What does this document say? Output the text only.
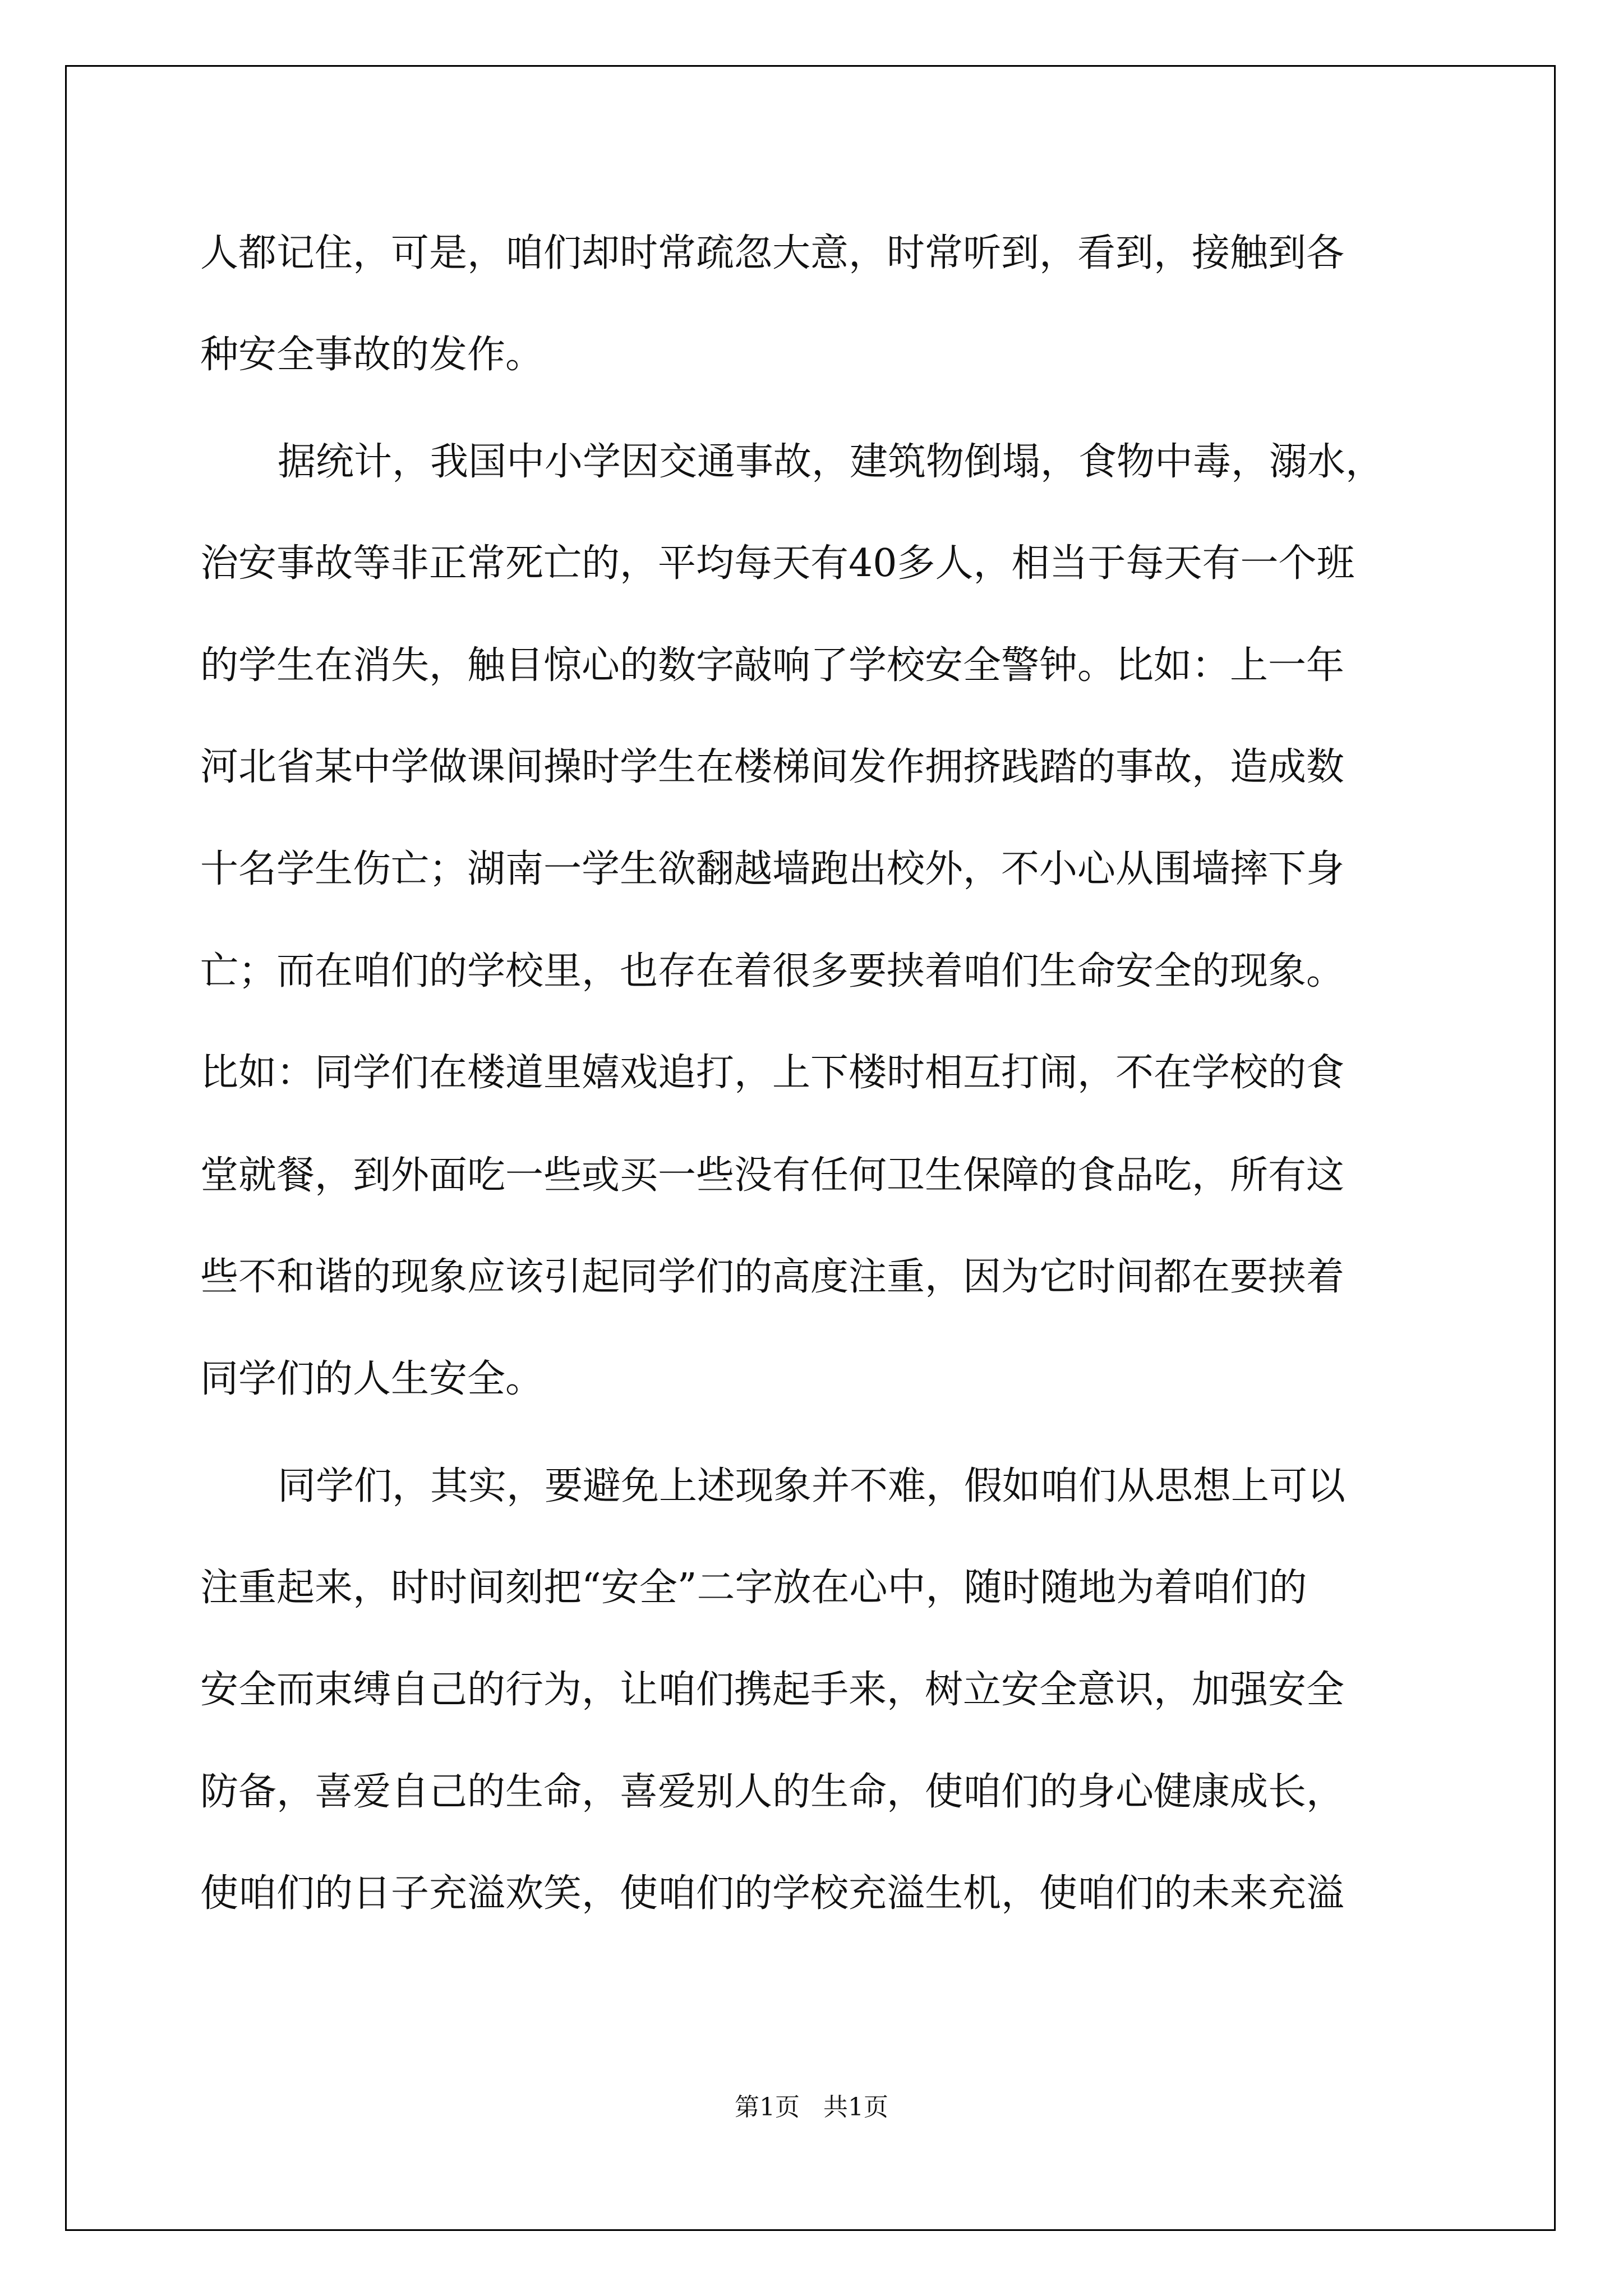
人都记住，可是，咱们却时常疏忽大意，时常听到，看到，接触到各
种安全事故的发作。
据统计，我国中小学因交通事故，建筑物倒塌，食物中毒，溺水，
治安事故等非正常死亡的，平均每天有40多人，相当于每天有一个班
的学生在消失，触目惊心的数字敲响了学校安全警钟。比如：上一年
河北省某中学做课间操时学生在楼梯间发作拥挤践踏的事故，造成数
十名学生伤亡；湖南一学生欲翻越墙跑出校外，不小心从围墙摔下身
亡；而在咱们的学校里，也存在着很多要挟着咱们生命安全的现象。
比如：同学们在楼道里嬉戏追打，上下楼时相互打闹，不在学校的食
堂就餐，到外面吃一些或买一些没有任何卫生保障的食品吃，所有这
些不和谐的现象应该引起同学们的高度注重，因为它时间都在要挟着
同学们的人生安全。
同学们，其实，要避免上述现象并不难，假如咱们从思想上可以
注重起来，时时间刻把“安全”二字放在心中，随时随地为着咱们的
安全而束缚自己的行为，让咱们携起手来，树立安全意识，加强安全
防备，喜爱自己的生命，喜爱别人的生命，使咱们的身心健康成长，
使咱们的日子充溢欢笑，使咱们的学校充溢生机，使咱们的未来充溢
第1页   共1页
